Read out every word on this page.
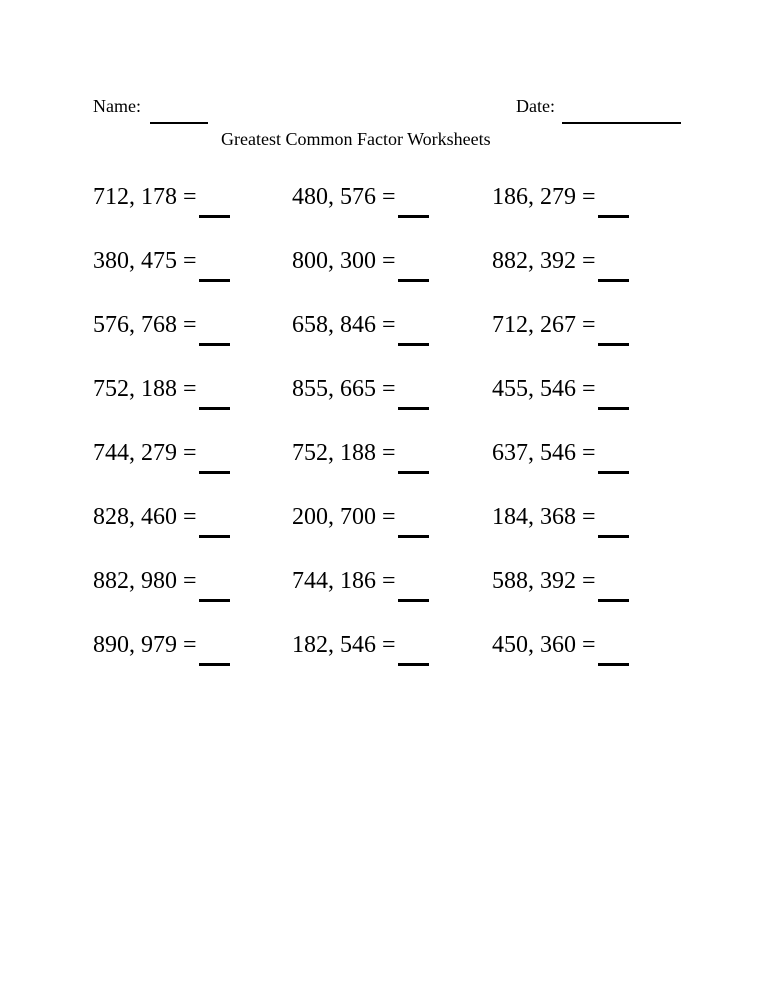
Name:	Date:
Greatest Common Factor Worksheets
712, 178 =	480, 576 =	186, 279 =
380, 475 =	800, 300 =	882, 392 =
576, 768 =	658, 846 =	712, 267 =
752, 188 =	855, 665 =	455, 546 =
744, 279 =	752, 188 =	637, 546 =
828, 460 =	200, 700 =	184, 368 =
882, 980 =	744, 186 =	588, 392 =
890, 979 =	182, 546 =	450, 360 =
